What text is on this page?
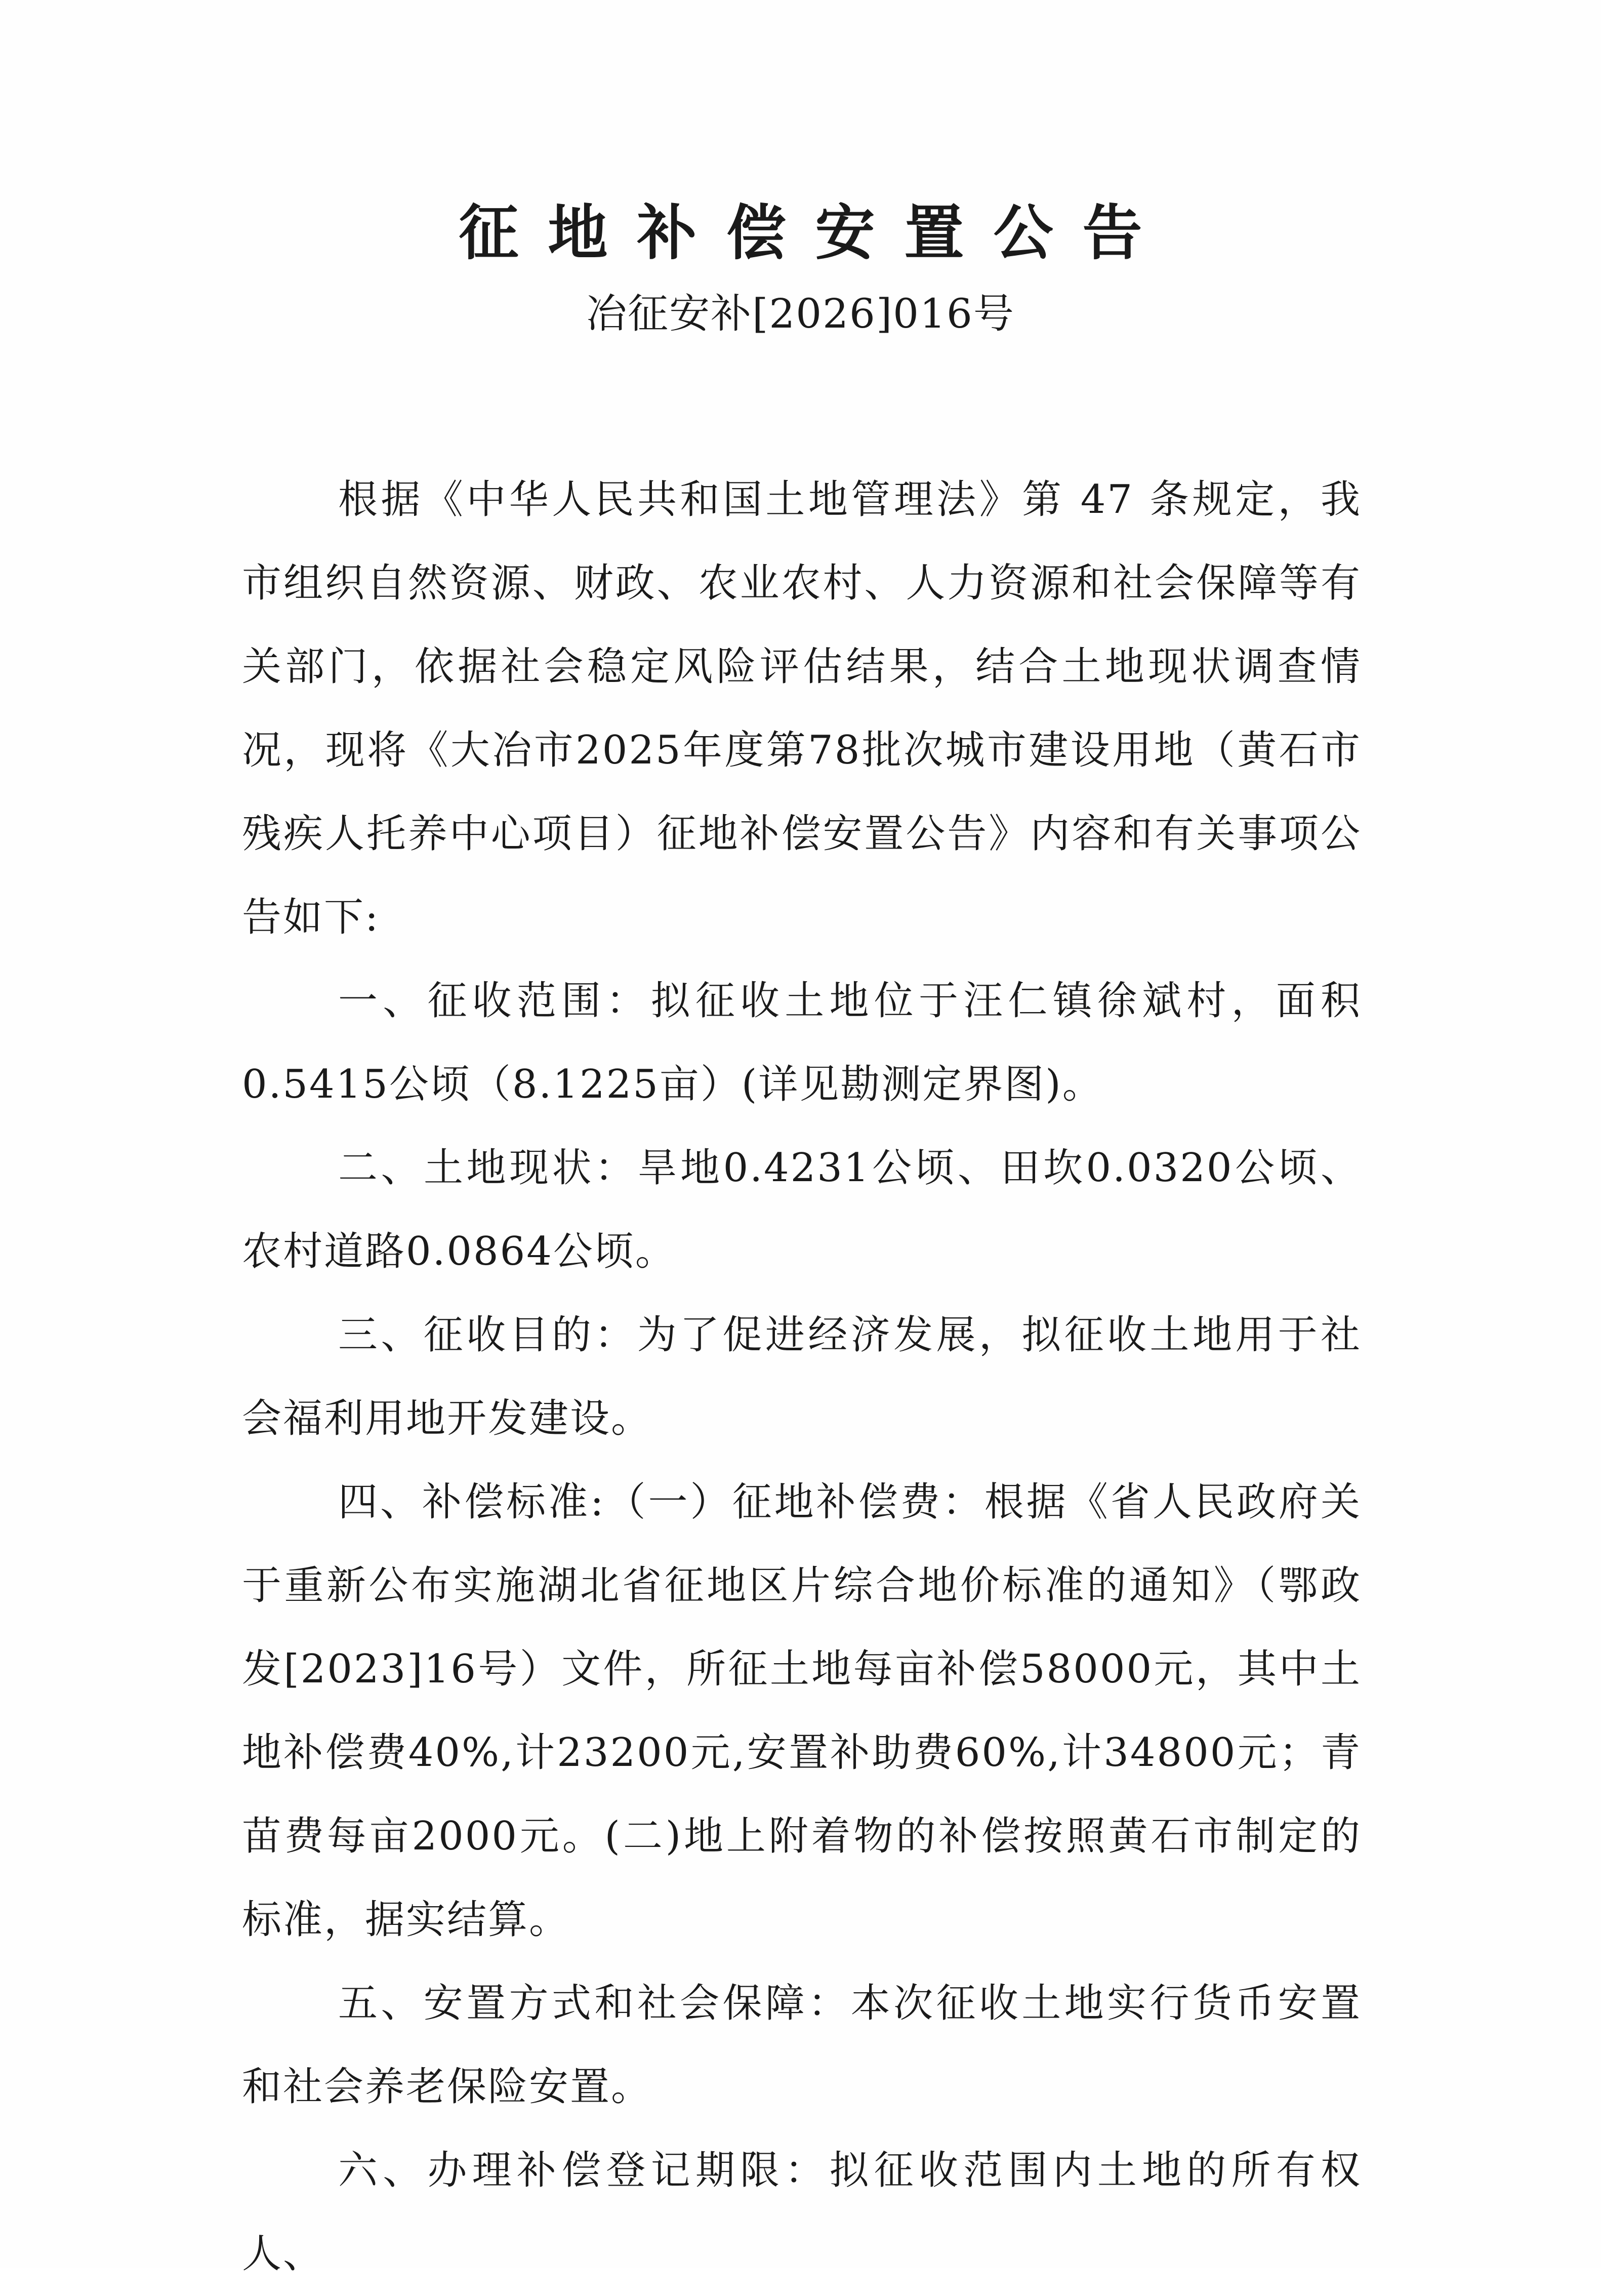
征地补偿安置公告
冶征安补[2026]016号

根据《中华人民共和国土地管理法》第 47 条规定，我市组织自然资源、财政、农业农村、人力资源和社会保障等有关部门，依据社会稳定风险评估结果，结合土地现状调查情况，现将《大冶市2025年度第78批次城市建设用地（黄石市残疾人托养中心项目）征地补偿安置公告》内容和有关事项公告如下:

一、征收范围：拟征收土地位于汪仁镇徐斌村，面积0.5415公顷（8.1225亩）(详见勘测定界图)。

二、土地现状：旱地0.4231公顷、田坎0.0320公顷、农村道路0.0864公顷。

三、征收目的：为了促进经济发展，拟征收土地用于社会福利用地开发建设。

四、补偿标准:（一）征地补偿费：根据《省人民政府关于重新公布实施湖北省征地区片综合地价标准的通知》（鄂政发[2023]16号）文件，所征土地每亩补偿58000元，其中土地补偿费40%,计23200元,安置补助费60%,计34800元；青苗费每亩2000元。(二)地上附着物的补偿按照黄石市制定的标准，据实结算。

五、安置方式和社会保障：本次征收土地实行货币安置和社会养老保险安置。

六、办理补偿登记期限：拟征收范围内土地的所有权人、
